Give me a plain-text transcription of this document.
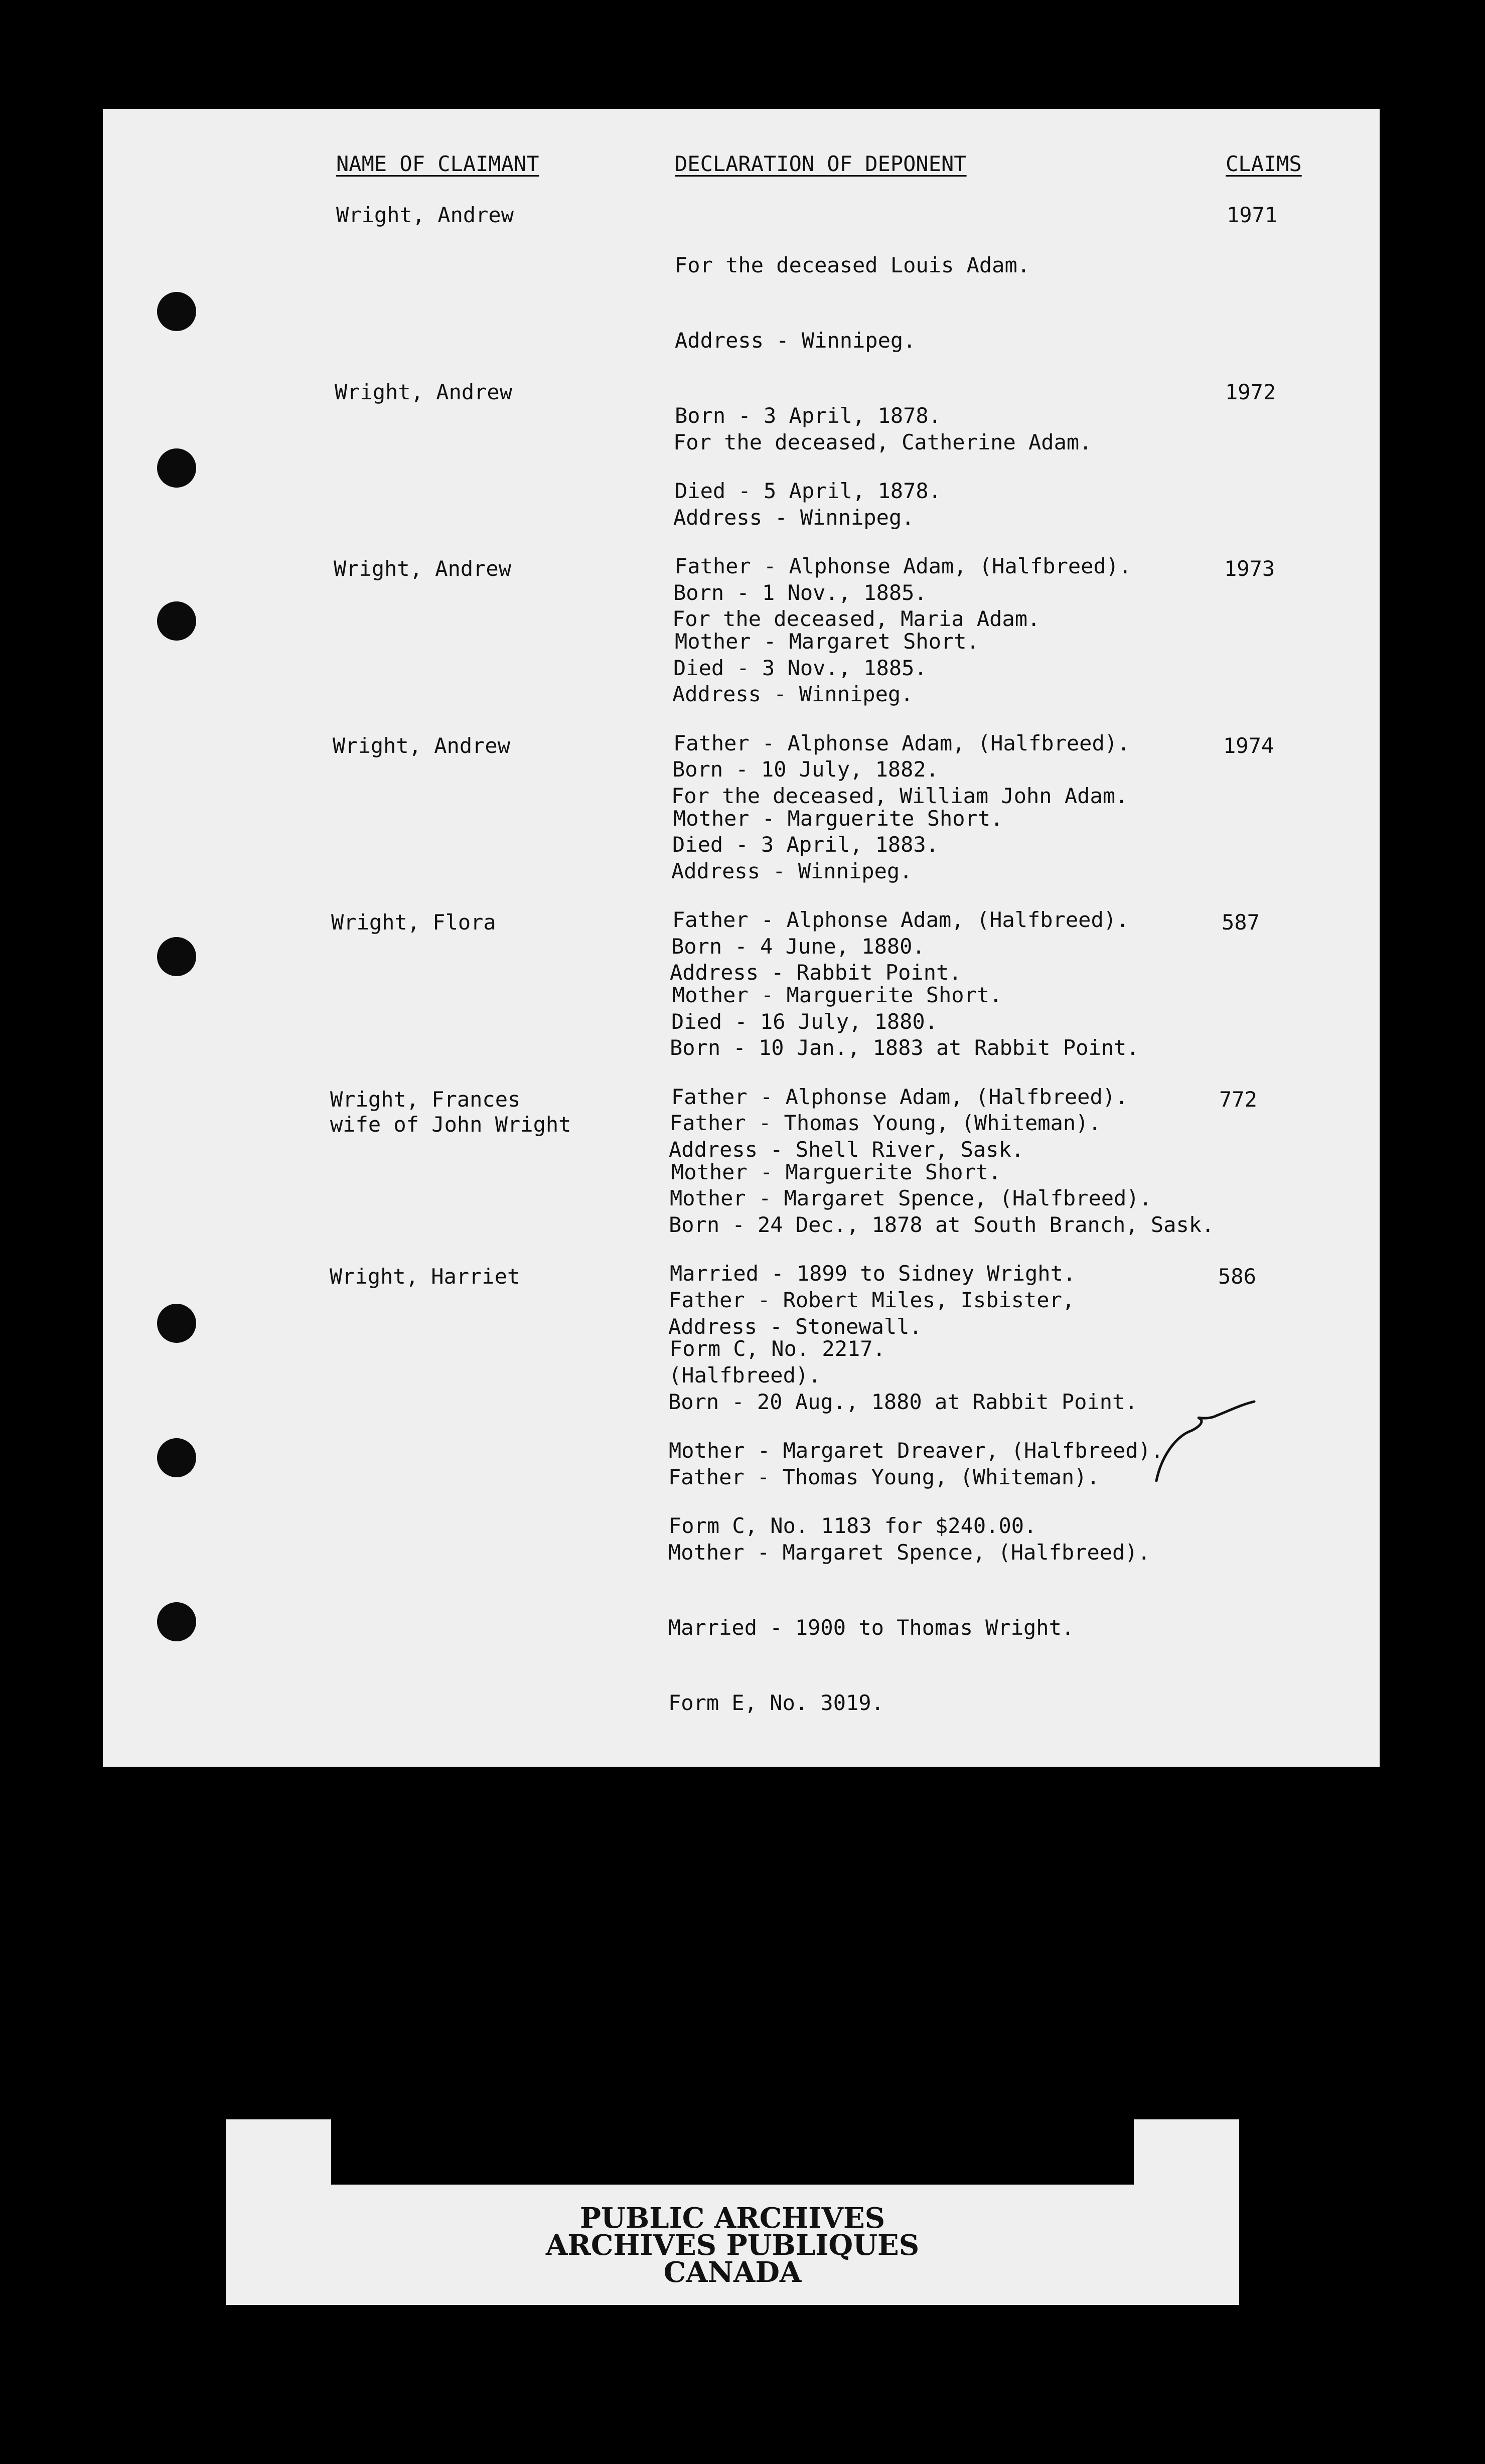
NAME OF CLAIMANT	DECLARATION OF DEPONENT	CLAIMS
Wright, Andrew

For the deceased Louis Adam.

Address - Winnipeg.

Born - 3 April, 1878.

Died - 5 April, 1878.

Father - Alphonse Adam, (Halfbreed).

Mother - Margaret Short.

1971
Wright, Andrew

For the deceased, Catherine Adam.

Address - Winnipeg.

Born - 1 Nov., 1885.

Died - 3 Nov., 1885.

Father - Alphonse Adam, (Halfbreed).

Mother - Marguerite Short.

1972
Wright, Andrew

For the deceased, Maria Adam.

Address - Winnipeg.

Born - 10 July, 1882.

Died - 3 April, 1883.

Father - Alphonse Adam, (Halfbreed).

Mother - Marguerite Short.

1973
Wright, Andrew

For the deceased, William John Adam.

Address - Winnipeg.

Born - 4 June, 1880.

Died - 16 July, 1880.

Father - Alphonse Adam, (Halfbreed).

Mother - Marguerite Short.

1974
Wright, Flora

Address - Rabbit Point.

Born - 10 Jan., 1883 at Rabbit Point.

Father - Thomas Young, (Whiteman).

Mother - Margaret Spence, (Halfbreed).

Married - 1899 to Sidney Wright.

Form C, No. 2217.

587
Wright, Frances
wife of John Wright

Address - Shell River, Sask.

Born - 24 Dec., 1878 at South Branch, Sask.

Father - Robert Miles, Isbister,

(Halfbreed).

Mother - Margaret Dreaver, (Halfbreed).

Form C, No. 1183 for $240.00.

772
Wright, Harriet

Address - Stonewall.

Born - 20 Aug., 1880 at Rabbit Point.

Father - Thomas Young, (Whiteman).

Mother - Margaret Spence, (Halfbreed).

Married - 1900 to Thomas Wright.

Form E, No. 3019.

586
PUBLIC ARCHIVES
ARCHIVES PUBLIQUES
CANADA
